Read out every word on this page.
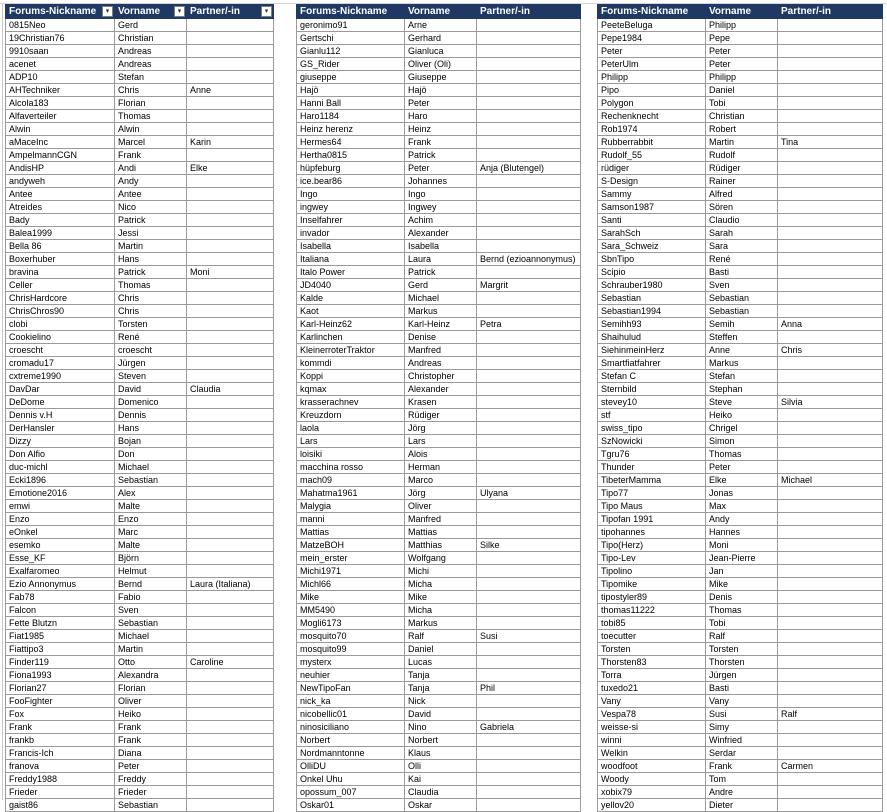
Forums-Nickname ▾	Vorname ▾	Partner/-in ▾

0815Neo	Gerd	
19Christian76	Christian	
9910saan	Andreas	
acenet	Andreas	
ADP10	Stefan	
AHTechniker	Chris	Anne
Alcola183	Florian	
Alfaverteiler	Thomas	
Alwin	Alwin	
aMaceInc	Marcel	Karin
AmpelmannCGN	Frank	
AndisHP	Andi	Elke
andyweh	Andy	
Antee	Antee	
Atreides	Nico	
Bady	Patrick	
Balea1999	Jessi	
Bella 86	Martin	
Boxerhuber	Hans	
bravina	Patrick	Moni
Celler	Thomas	
ChrisHardcore	Chris	
ChrisChros90	Chris	
clobi	Torsten	
Cookielino	René	
croescht	croescht	
cromadu17	Jürgen	
cxtreme1990	Steven	
DavDar	David	Claudia
DeDome	Domenico	
Dennis v.H	Dennis	
DerHansler	Hans	
Dizzy	Bojan	
Don Alfio	Don	
duc-michl	Michael	
Ecki1896	Sebastian	
Emotione2016	Alex	
emwi	Malte	
Enzo	Enzo	
eOnkel	Marc	
esemko	Malte	
Esse_KF	Björn	
Exalfaromeo	Helmut	
Ezio Annonymus	Bernd	Laura (Italiana)
Fab78	Fabio	
Falcon	Sven	
Fette Blutzn	Sebastian	
Fiat1985	Michael	
Fiattipo3	Martin	
Finder119	Otto	Caroline
Fiona1993	Alexandra	
Florian27	Florian	
FooFighter	Oliver	
Fox	Heiko	
Frank	Frank	
frankb	Frank	
Francis-Ich	Diana	
franova	Peter	
Freddy1988	Freddy	
Frieder	Frieder	
gaist86	Sebastian	
Forums-Nickname	Vorname	Partner/-in
geronimo91	Arne	
Gertschi	Gerhard	
Gianlu112	Gianluca	
GS_Rider	Oliver (Oli)	
giuseppe	Giuseppe	
Hajö	Hajö	
Hanni Ball	Peter	
Haro1184	Haro	
Heinz herenz	Heinz	
Hermes64	Frank	
Hertha0815	Patrick	
hüpfeburg	Peter	Anja (Blutengel)
ice.bear86	Johannes	
Ingo	Ingo	
ingwey	Ingwey	
Inselfahrer	Achim	
invador	Alexander	
Isabella	Isabella	
Italiana	Laura	Bernd (ezioannonymus)
Italo Power	Patrick	
JD4040	Gerd	Margrit
Kalde	Michael	
Kaot	Markus	
Karl-Heinz62	Karl-Heinz	Petra
Karlinchen	Denise	
KleinerroterTraktor	Manfred	
kommdi	Andreas	
Koppi	Christopher	
kqmax	Alexander	
krasserachnev	Krasen	
Kreuzdorn	Rüdiger	
laola	Jörg	
Lars	Lars	
loisiki	Alois	
macchina rosso	Herman	
mach09	Marco	
Mahatma1961	Jörg	Ulyana
Malygia	Oliver	
manni	Manfred	
Mattias	Mattias	
MatzeBOH	Matthias	Silke
mein_erster	Wolfgang	
Michi1971	Michi	
Michl66	Micha	
Mike	Mike	
MM5490	Micha	
Mogli6173	Markus	
mosquito70	Ralf	Susi
mosquito99	Daniel	
mysterx	Lucas	
neuhier	Tanja	
NewTipoFan	Tanja	Phil
nick_ka	Nick	
nicobellic01	David	
ninosiciliano	Nino	Gabriela
Norbert	Norbert	
Nordmanntonne	Klaus	
OlliDU	Olli	
Onkel Uhu	Kai	
opossum_007	Claudia	
Oskar01	Oskar	
Forums-Nickname	Vorname	Partner/-in
PeeteBeluga	Philipp	
Pepe1984	Pepe	
Peter	Peter	
PeterUlm	Peter	
Philipp	Philipp	
Pipo	Daniel	
Polygon	Tobi	
Rechenknecht	Christian	
Rob1974	Robert	
Rubberrabbit	Martin	Tina
Rudolf_55	Rudolf	
rüdiger	Rüdiger	
S-Design	Rainer	
Sammy	Alfred	
Samson1987	Sören	
Santi	Claudio	
SarahSch	Sarah	
Sara_Schweiz	Sara	
SbnTipo	René	
Scipio	Basti	
Schrauber1980	Sven	
Sebastian	Sebastian	
Sebastian1994	Sebastian	
Semihh93	Semih	Anna
Shaihulud	Steffen	
SiehinmeinHerz	Anne	Chris
Smartfiatfahrer	Markus	
Stefan C	Stefan	
Sternbild	Stephan	
stevey10	Steve	Silvia
stf	Heiko	
swiss_tipo	Chrigel	
SzNowicki	Simon	
Tgru76	Thomas	
Thunder	Peter	
TibeterMamma	Elke	Michael
Tipo77	Jonas	
Tipo Maus	Max	
Tipofan 1991	Andy	
tipohannes	Hannes	
Tipo(Herz)	Moni	
Tipo-Lev	Jean-Pierre	
Tipolino	Jan	
Tipomike	Mike	
tipostyler89	Denis	
thomas11222	Thomas	
tobi85	Tobi	
toecutter	Ralf	
Torsten	Torsten	
Thorsten83	Thorsten	
Torra	Jürgen	
tuxedo21	Basti	
Vany	Vany	
Vespa78	Susi	Ralf
weisse-si	Simy	
winni	Winfried	
Welkin	Serdar	
woodfoot	Frank	Carmen
Woody	Tom	
xobix79	Andre	
yellov20	Dieter	
